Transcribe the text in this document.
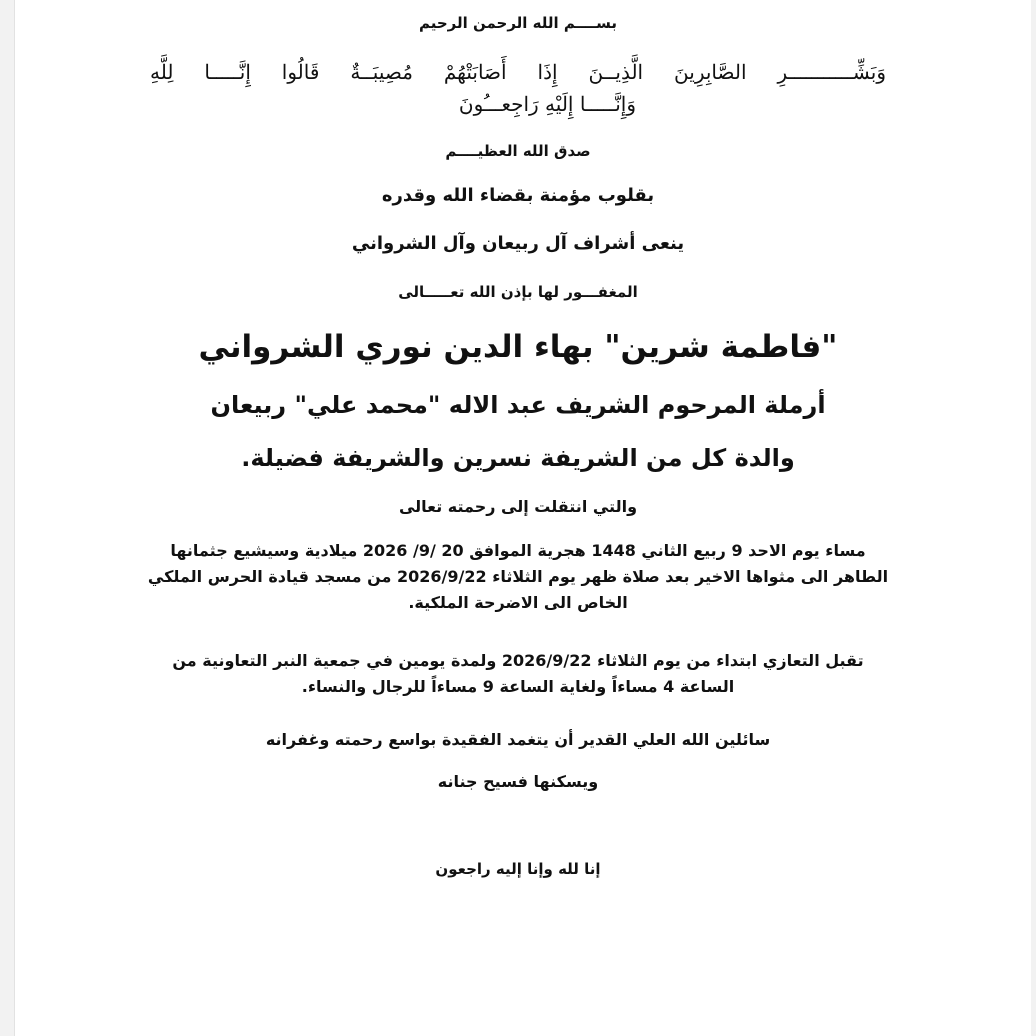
بســــم الله الرحمن الرحيم
وَبَشِّـــــــــــرِ الصَّابِرِينَ الَّذِيــنَ إِذَا أَصَابَتْهُمْ مُصِيبَــةٌ قَالُوا إِنَّـــــا لِلَّهِ
وَإِنَّـــــا إِلَيْهِ رَاجِعـــُونَ
صدق الله العظيــــم
بقلوب مؤمنة بقضاء الله وقدره
ينعى أشراف آل ربيعان وآل الشرواني
المغفـــور لها بإذن الله تعـــــالى
"فاطمة شرين" بهاء الدين نوري الشرواني
أرملة المرحوم الشريف عبد الاله "محمد علي" ربيعان
والدة كل من الشريفة نسرين والشريفة فضيلة.
والتي انتقلت إلى رحمته تعالى
مساء يوم الاحد 9 ربيع الثاني 1448 هجرية الموافق 20 /9/ 2026 ميلادية وسيشيع جثمانها
الطاهر الى مثواها الاخير بعد صلاة ظهر يوم الثلاثاء 2026/9/22 من مسجد قيادة الحرس الملكي
الخاص الى الاضرحة الملكية.
تقبل التعازي ابتداء من يوم الثلاثاء 2026/9/22 ولمدة يومين في جمعية النبر التعاونية من
الساعة 4 مساءاً ولغاية الساعة 9 مساءاً للرجال والنساء.
سائلين الله العلي القدير أن يتغمد الفقيدة بواسع رحمته وغفرانه
ويسكنها فسيح جنانه
إنا لله وإنا إليه راجعون
